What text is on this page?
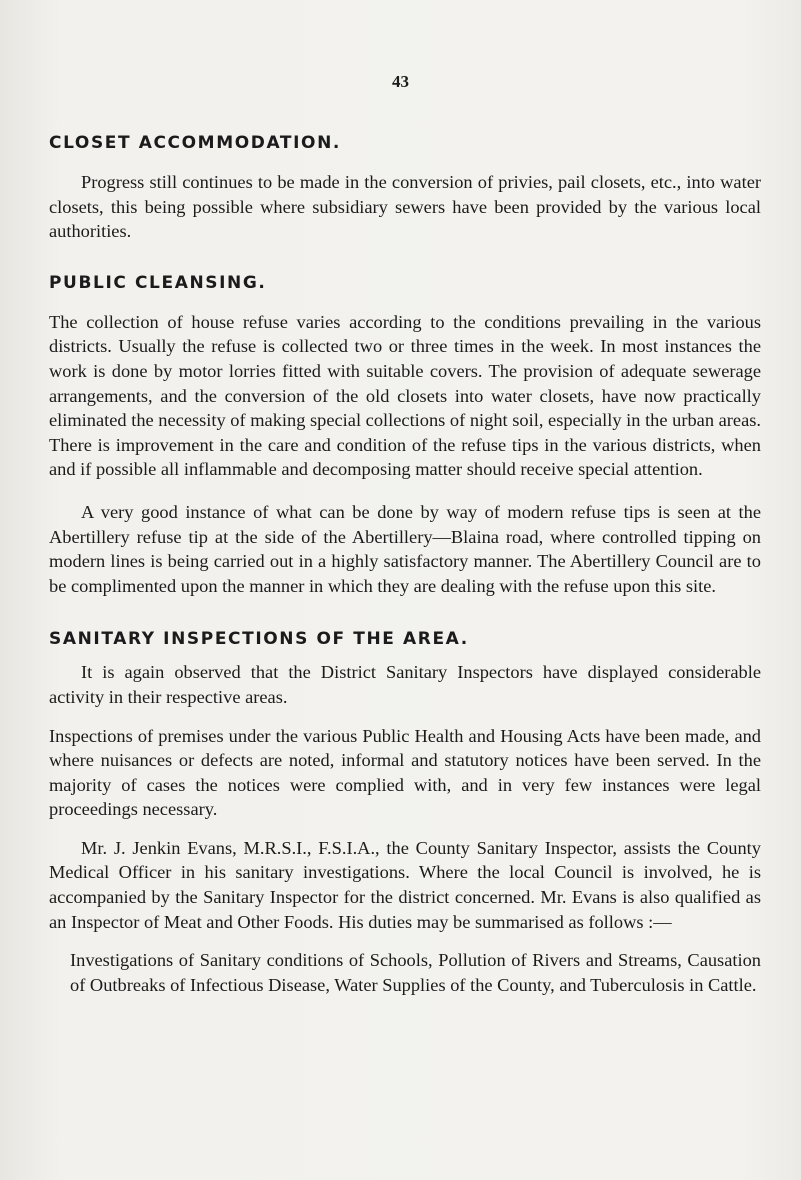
43
CLOSET ACCOMMODATION.

Progress still continues to be made in the conversion of privies, pail closets, etc., into water closets, this being possible where subsidiary sewers have been provided by the various local authorities.

PUBLIC CLEANSING.

The collection of house refuse varies according to the conditions prevailing in the various districts. Usually the refuse is collected two or three times in the week. In most instances the work is done by motor lorries fitted with suitable covers. The provision of adequate sewerage arrangements, and the conversion of the old closets into water closets, have now practically eliminated the necessity of making special collections of night soil, especially in the urban areas. There is improvement in the care and condition of the refuse tips in the various districts, when and if possible all inflammable and decomposing matter should receive special attention.

A very good instance of what can be done by way of modern refuse tips is seen at the Abertillery refuse tip at the side of the Abertillery—Blaina road, where controlled tipping on modern lines is being carried out in a highly satisfactory manner. The Abertillery Council are to be complimented upon the manner in which they are dealing with the refuse upon this site.

SANITARY INSPECTIONS OF THE AREA.

It is again observed that the District Sanitary Inspectors have displayed considerable activity in their respective areas.

Inspections of premises under the various Public Health and Housing Acts have been made, and where nuisances or defects are noted, informal and statutory notices have been served. In the majority of cases the notices were complied with, and in very few instances were legal proceedings necessary.

Mr. J. Jenkin Evans, M.R.S.I., F.S.I.A., the County Sanitary Inspector, assists the County Medical Officer in his sanitary investigations. Where the local Council is involved, he is accompanied by the Sanitary Inspector for the district concerned. Mr. Evans is also qualified as an Inspector of Meat and Other Foods. His duties may be summarised as follows :—

Investigations of Sanitary conditions of Schools, Pollution of Rivers and Streams, Causation of Outbreaks of Infectious Disease, Water Supplies of the County, and Tuberculosis in Cattle.
